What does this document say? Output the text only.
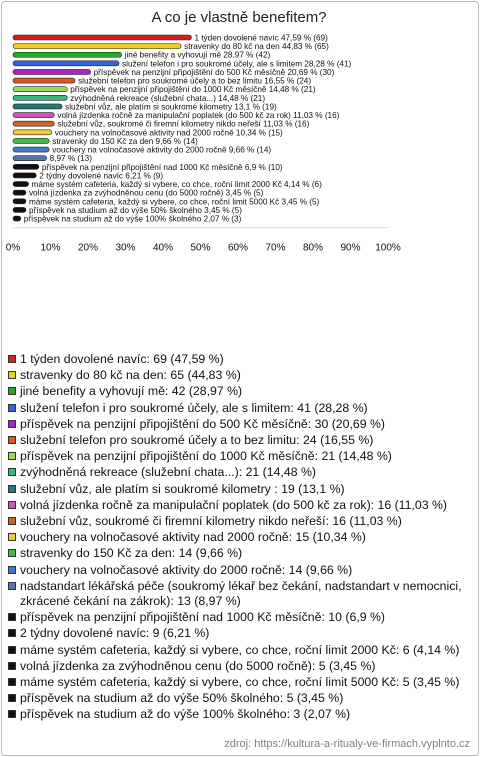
A co je vlastně benefitem?
1 týden dovolené navíc 47,59 % (69)
stravenky do 80 kč na den 44,83 % (65)
jiné benefity a vyhovují mě 28,97 % (42)
služení telefon i pro soukromé účely, ale s limitem 28,28 % (41)
příspěvek na penzijní připojištění do 500 Kč měsíčně 20,69 % (30)
služební telefon pro soukromé účely a to bez limitu 16,55 % (24)
příspěvek na penzijní připojištění do 1000 Kč měsíčně 14,48 % (21)
zvýhodněná rekreace (služební chata...) 14,48 % (21)
služební vůz, ale platím si soukromé kilometry 13,1 % (19)
volná jízdenka ročně za manipulační poplatek (do 500 kč za rok) 11,03 % (16)
služební vůz, soukromé či firemní kilometry nikdo neřeší 11,03 % (16)
vouchery na volnočasové aktivity nad 2000 ročně 10,34 % (15)
stravenky do 150 Kč za den 9,66 % (14)
vouchery na volnočasové aktivity do 2000 ročně 9,66 % (14)
8,97 % (13)
příspěvek na penzijní připojištění nad 1000 Kč měsíčně 6,9 % (10)
2 týdny dovolené navíc 6,21 % (9)
máme systém cafeteria, každý si vybere, co chce, roční limit 2000 Kč 4,14 % (6)
volná jízdenka za zvýhodněnou cenu (do 5000 ročně) 3,45 % (5)
máme systém cafeteria, každý si vybere, co chce, roční limit 5000 Kč 3,45 % (5)
příspěvek na studium až do výše 50% školného 3,45 % (5)
příspěvek na studium až do výše 100% školného 2,07 % (3)
0% 10% 20% 30% 40% 50% 60% 70% 80% 90% 100%
1 týden dovolené navíc: 69 (47,59 %)
stravenky do 80 kč na den: 65 (44,83 %)
jiné benefity a vyhovují mě: 42 (28,97 %)
služení telefon i pro soukromé účely, ale s limitem: 41 (28,28 %)
příspěvek na penzijní připojištění do 500 Kč měsíčně: 30 (20,69 %)
služební telefon pro soukromé účely a to bez limitu: 24 (16,55 %)
příspěvek na penzijní připojištění do 1000 Kč měsíčně: 21 (14,48 %)
zvýhodněná rekreace (služební chata...): 21 (14,48 %)
služební vůz, ale platím si soukromé kilometry : 19 (13,1 %)
volná jízdenka ročně za manipulační poplatek (do 500 kč za rok): 16 (11,03 %)
služební vůz, soukromé či firemní kilometry nikdo neřeší: 16 (11,03 %)
vouchery na volnočasové aktivity nad 2000 ročně: 15 (10,34 %)
stravenky do 150 Kč za den: 14 (9,66 %)
vouchery na volnočasové aktivity do 2000 ročně: 14 (9,66 %)
nadstandart lékářská péče (soukromý lékař bez čekání, nadstandart v nemocnici, zkrácené čekání na zákrok): 13 (8,97 %)
příspěvek na penzijní připojištění nad 1000 Kč měsíčně: 10 (6,9 %)
2 týdny dovolené navíc: 9 (6,21 %)
máme systém cafeteria, každý si vybere, co chce, roční limit 2000 Kč: 6 (4,14 %)
volná jízdenka za zvýhodněnou cenu (do 5000 ročně): 5 (3,45 %)
máme systém cafeteria, každý si vybere, co chce, roční limit 5000 Kč: 5 (3,45 %)
příspěvek na studium až do výše 50% školného: 5 (3,45 %)
příspěvek na studium až do výše 100% školného: 3 (2,07 %)
zdroj: https://kultura-a-ritualy-ve-firmach.vyplnto.cz
